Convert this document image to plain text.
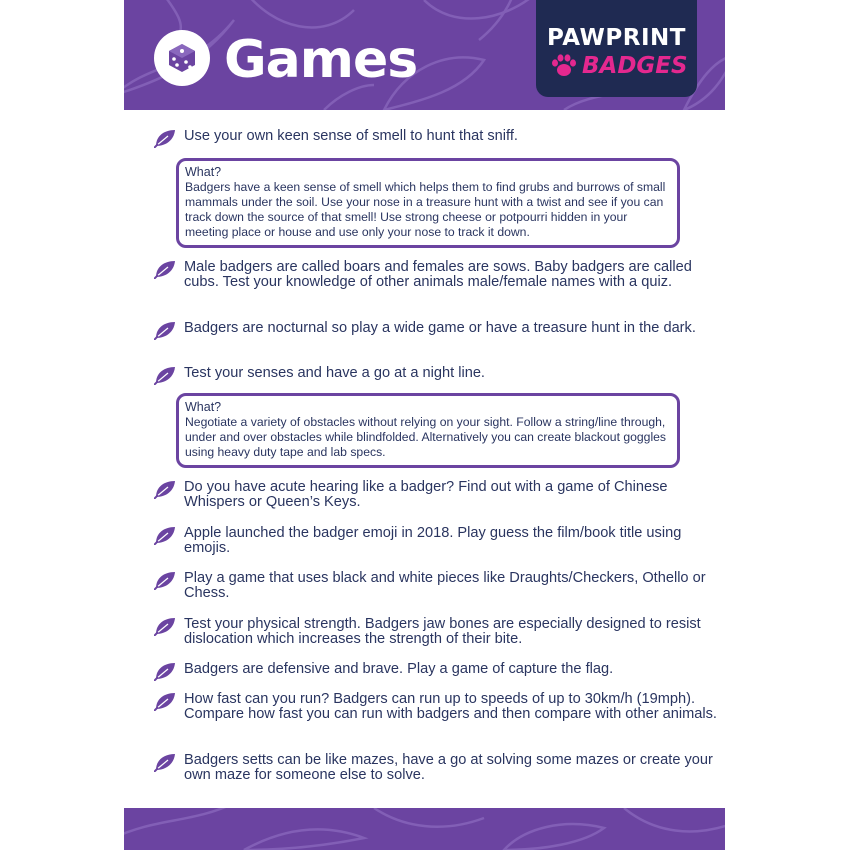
Games	PAWPRINT
BADGES

Use your own keen sense of smell to hunt that sniff.

What?
Badgers have a keen sense of smell which helps them to find grubs and burrows of small mammals under the soil. Use your nose in a treasure hunt with a twist and see if you can track down the source of that smell! Use strong cheese or potpourri hidden in your meeting place or house and use only your nose to track it down.

Male badgers are called boars and females are sows. Baby badgers are called cubs. Test your knowledge of other animals male/female names with a quiz.

Badgers are nocturnal so play a wide game or have a treasure hunt in the dark.

Test your senses and have a go at a night line.

What?
Negotiate a variety of obstacles without relying on your sight. Follow a string/line through, under and over obstacles while blindfolded. Alternatively you can create blackout goggles using heavy duty tape and lab specs.

Do you have acute hearing like a badger? Find out with a game of Chinese Whispers or Queen’s Keys.

Apple launched the badger emoji in 2018. Play guess the film/book title using emojis.

Play a game that uses black and white pieces like Draughts/Checkers, Othello or Chess.

Test your physical strength. Badgers jaw bones are especially designed to resist dislocation which increases the strength of their bite.

Badgers are defensive and brave. Play a game of capture the flag.

How fast can you run? Badgers can run up to speeds of up to 30km/h (19mph). Compare how fast you can run with badgers and then compare with other animals.

Badgers setts can be like mazes, have a go at solving some mazes or create your own maze for someone else to solve.
